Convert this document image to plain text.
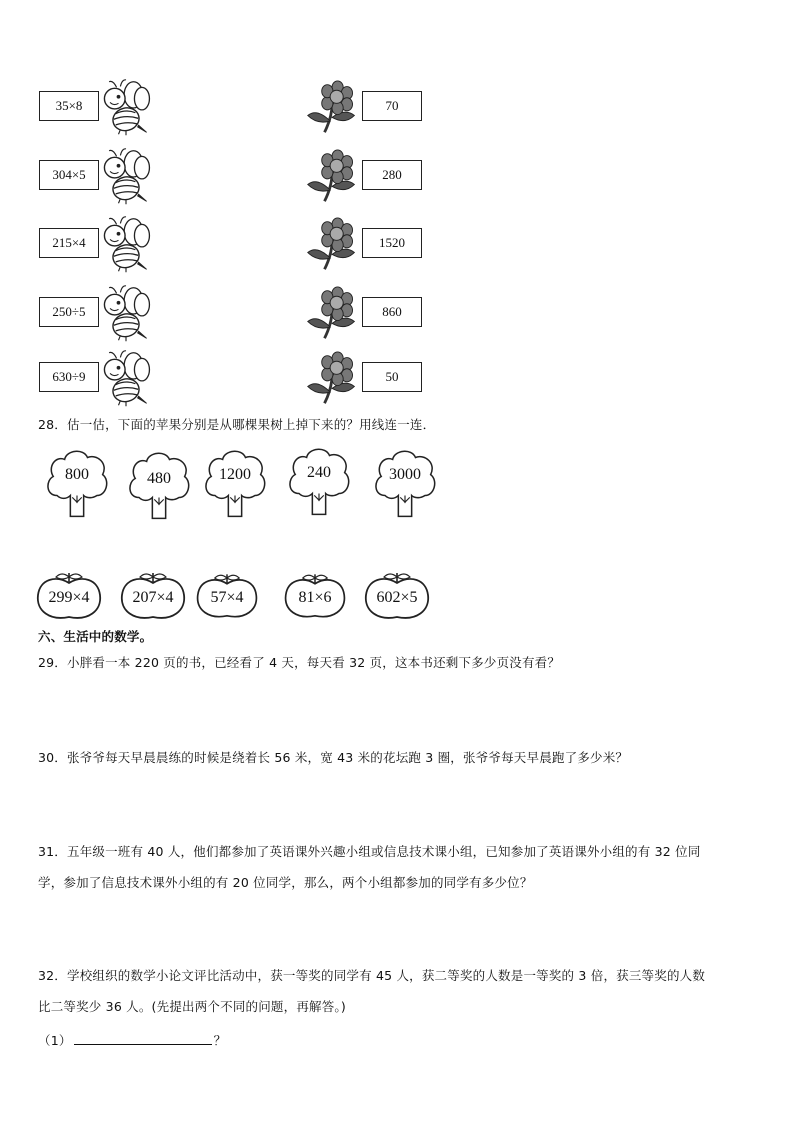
35×8	70
304×5	280
215×4	1520
250÷5	860
630÷9	50
28．估一估，下面的苹果分别是从哪棵果树上掉下来的？用线连一连．
800	480	1200	240	3000
299×4	207×4	57×4	81×6	602×5
六、生活中的数学。
29．小胖看一本 220 页的书，已经看了 4 天，每天看 32 页，这本书还剩下多少页没有看？
30．张爷爷每天早晨晨练的时候是绕着长 56 米，宽 43 米的花坛跑 3 圈，张爷爷每天早晨跑了多少米？
31．五年级一班有 40 人，他们都参加了英语课外兴趣小组或信息技术课小组，已知参加了英语课外小组的有 32 位同
学，参加了信息技术课外小组的有 20 位同学，那么，两个小组都参加的同学有多少位？
32．学校组织的数学小论文评比活动中，获一等奖的同学有 45 人，获二等奖的人数是一等奖的 3 倍，获三等奖的人数
比二等奖少 36 人。(先提出两个不同的问题，再解答。)
（1）	？
